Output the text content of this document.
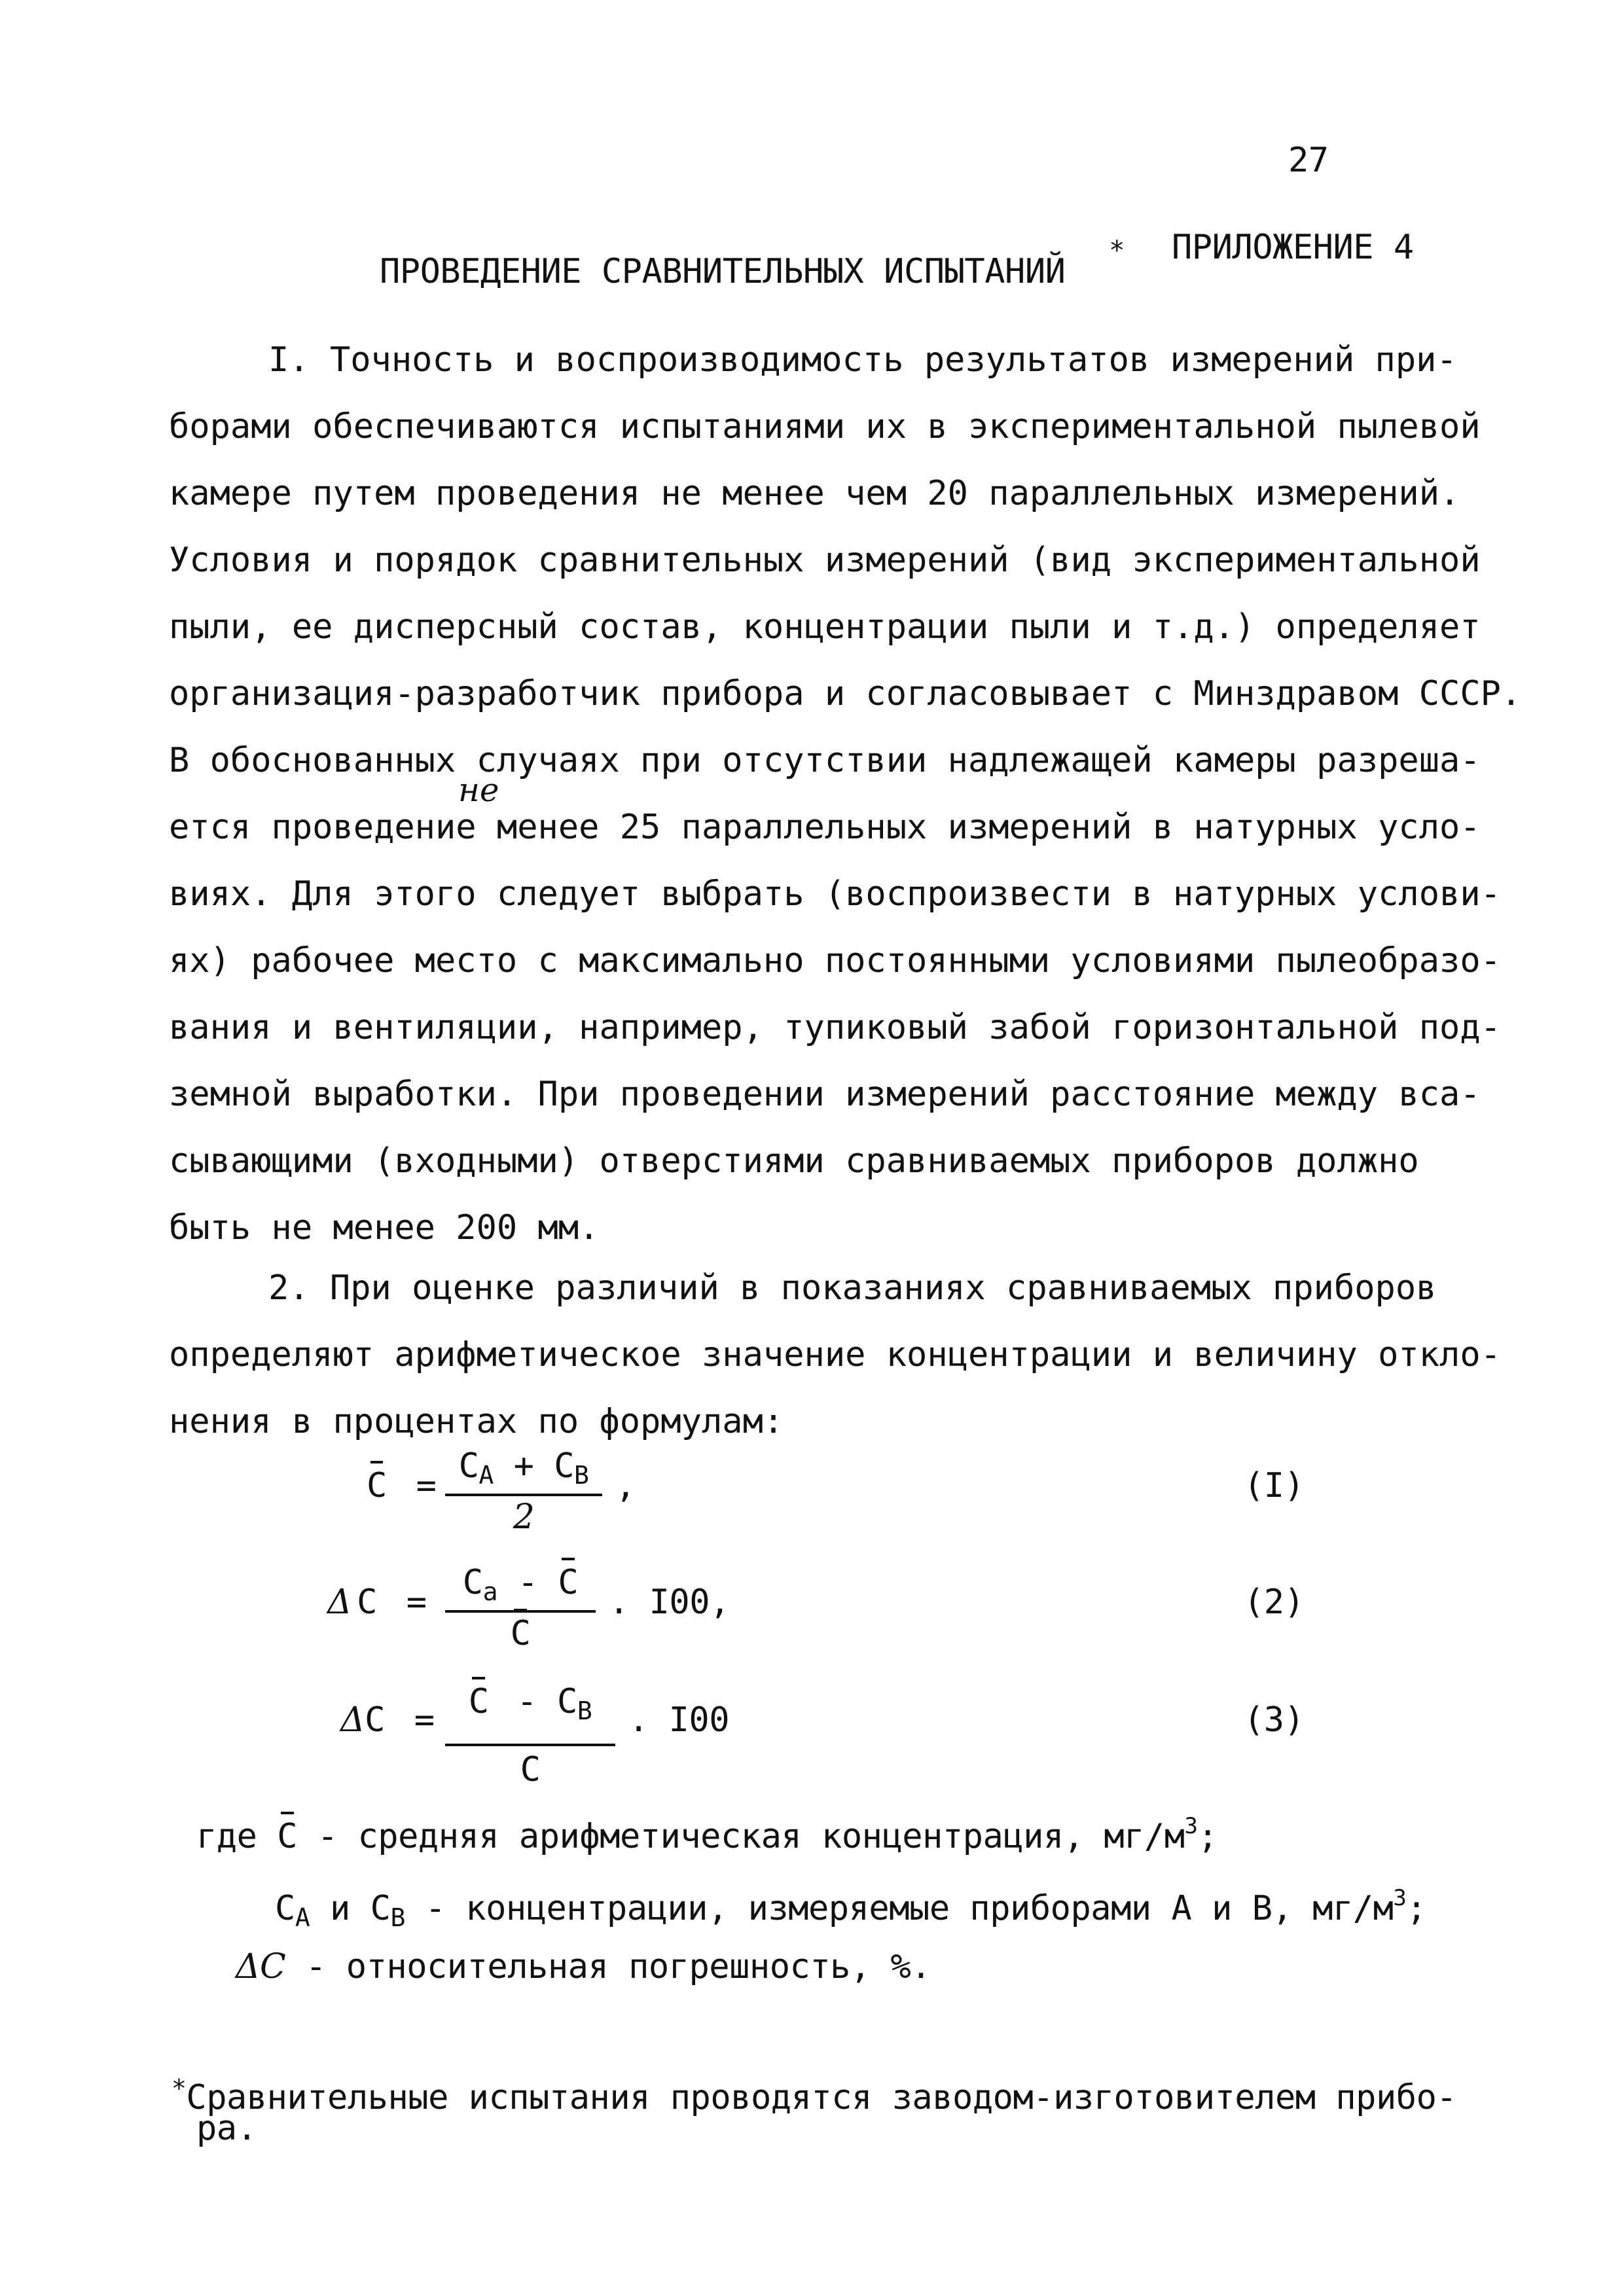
27
ПРИЛОЖЕНИЕ 4
ПРОВЕДЕНИЕ СРАВНИТЕЛЬНЫХ ИСПЫТАНИЙ *
I. Точность и воспроизводимость результатов измерений при-
борами обеспечиваются испытаниями их в экспериментальной пылевой
камере путем проведения не менее чем 20 параллельных измерений.
Условия и порядок сравнительных измерений (вид экспериментальной
пыли, ее дисперсный состав, концентрации пыли и т.д.) определяет
организация-разработчик прибора и согласовывает с Минздравом СССР.
В обоснованных случаях при отсутствии надлежащей камеры разреша-
не
ется проведение менее 25 параллельных измерений в натурных усло-
виях. Для этого следует выбрать (воспроизвести в натурных услови-
ях) рабочее место с максимально постоянными условиями пылеобразо-
вания и вентиляции, например, тупиковый забой горизонтальной под-
земной выработки. При проведении измерений расстояние между вса-
сывающими (входными) отверстиями сравниваемых приборов должно
быть не менее 200 мм.
2. При оценке различий в показаниях сравниваемых приборов
определяют арифметическое значение концентрации и величину откло-
нения в процентах по формулам:
$C = \frac{C_A + C_B}{2}$ ,	(I)
Δ $C = \frac{C_a - C}{C}$ . I00,	(2)
$\Delta C = \frac{C - C_B}{C}$ . I00	(3)
где C - средняя арифметическая концентрация, $мг/м^3$;
$C_A$ и $C_B$ - концентрации, измеряемые приборами А и В, $мг/м^3$;
ΔC - относительная погрешность, %.
*Сравнительные испытания проводятся заводом-изготовителем прибо-
ра.
